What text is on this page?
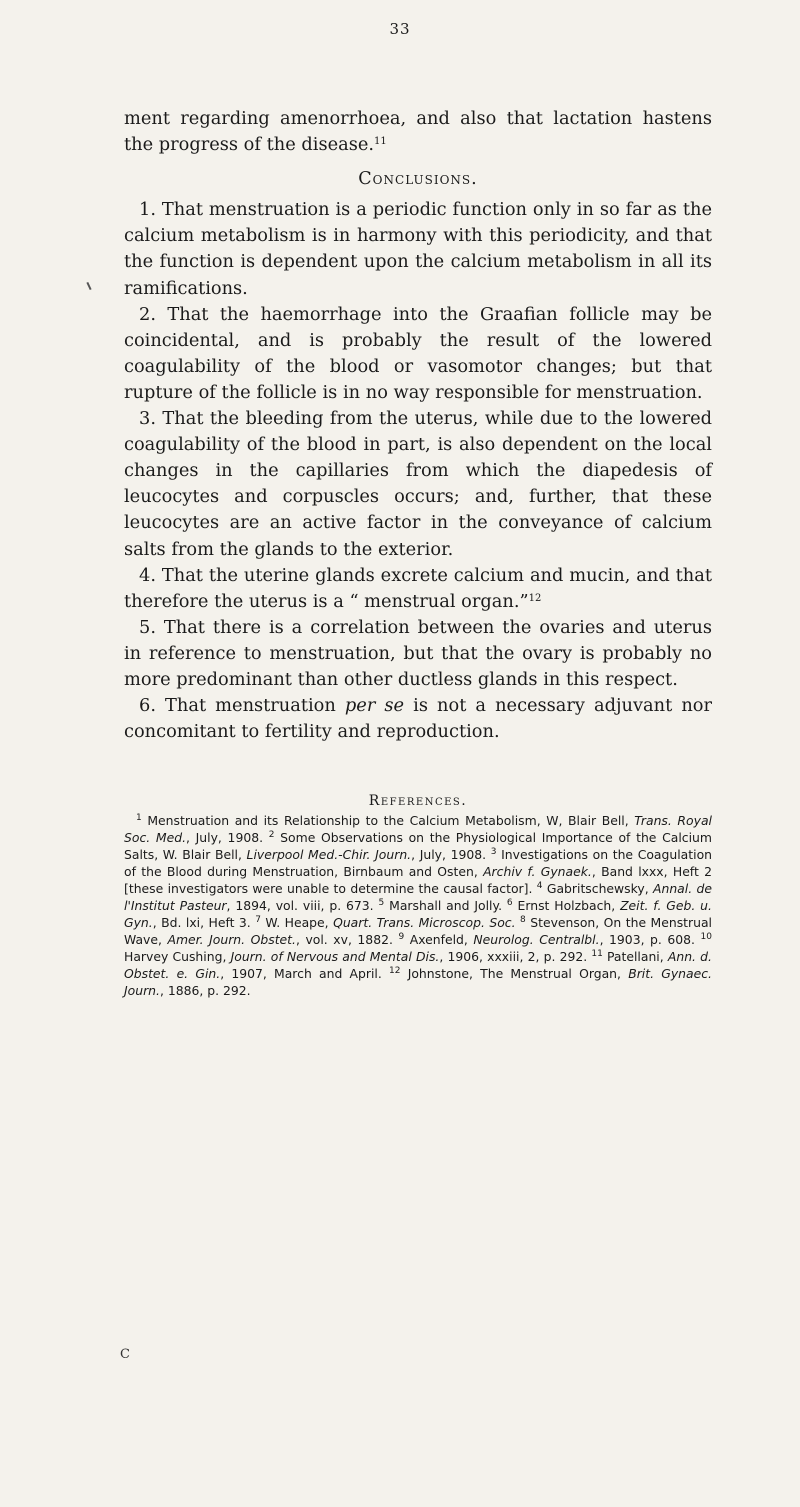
33

ment regarding amenorrhoea, and also that lactation hastens the progress of the disease.$^{11}$

Conclusions.

1. That menstruation is a periodic function only in so far as the calcium metabolism is in harmony with this periodicity, and that the function is dependent upon the calcium metabolism in all its ramifications.

2. That the haemorrhage into the Graafian follicle may be coincidental, and is probably the result of the lowered coagulability of the blood or vasomotor changes; but that rupture of the follicle is in no way responsible for menstruation.

3. That the bleeding from the uterus, while due to the lowered coagulability of the blood in part, is also dependent on the local changes in the capillaries from which the diapedesis of leucocytes and corpuscles occurs; and, further, that these leucocytes are an active factor in the conveyance of calcium salts from the glands to the exterior.

4. That the uterine glands excrete calcium and mucin, and that therefore the uterus is a “ menstrual organ.”$^{12}$

5. That there is a correlation between the ovaries and uterus in reference to menstruation, but that the ovary is probably no more predominant than other ductless glands in this respect.

6. That menstruation per se is not a necessary adjuvant nor concomitant to fertility and reproduction.

References.

$^1$ Menstruation and its Relationship to the Calcium Metabolism, W, Blair Bell, Trans. Royal Soc. Med., July, 1908. $^2$ Some Observations on the Physiological Importance of the Calcium Salts, W. Blair Bell, Liverpool Med.-Chir. Journ., July, 1908. $^3$ Investigations on the Coagulation of the Blood during Menstruation, Birnbaum and Osten, Archiv f. Gynaek., Band lxxx, Heft 2 [these investigators were unable to determine the causal factor]. $^4$ Gabritschewsky, Annal. de l'Institut Pasteur, 1894, vol. viii, p. 673. $^5$ Marshall and Jolly. $^6$ Ernst Holzbach, Zeit. f. Geb. u. Gyn., Bd. lxi, Heft 3. $^7$ W. Heape, Quart. Trans. Microscop. Soc. $^8$ Stevenson, On the Menstrual Wave, Amer. Journ. Obstet., vol. xv, 1882. $^9$ Axenfeld, Neurolog. Centralbl., 1903, p. 608. $^{10}$ Harvey Cushing, Journ. of Nervous and Mental Dis., 1906, xxxiii, 2, p. 292. $^{11}$ Patellani, Ann. d. Obstet. e. Gin., 1907, March and April. $^{12}$ Johnstone, The Menstrual Organ, Brit. Gynaec. Journ., 1886, p. 292.

C
